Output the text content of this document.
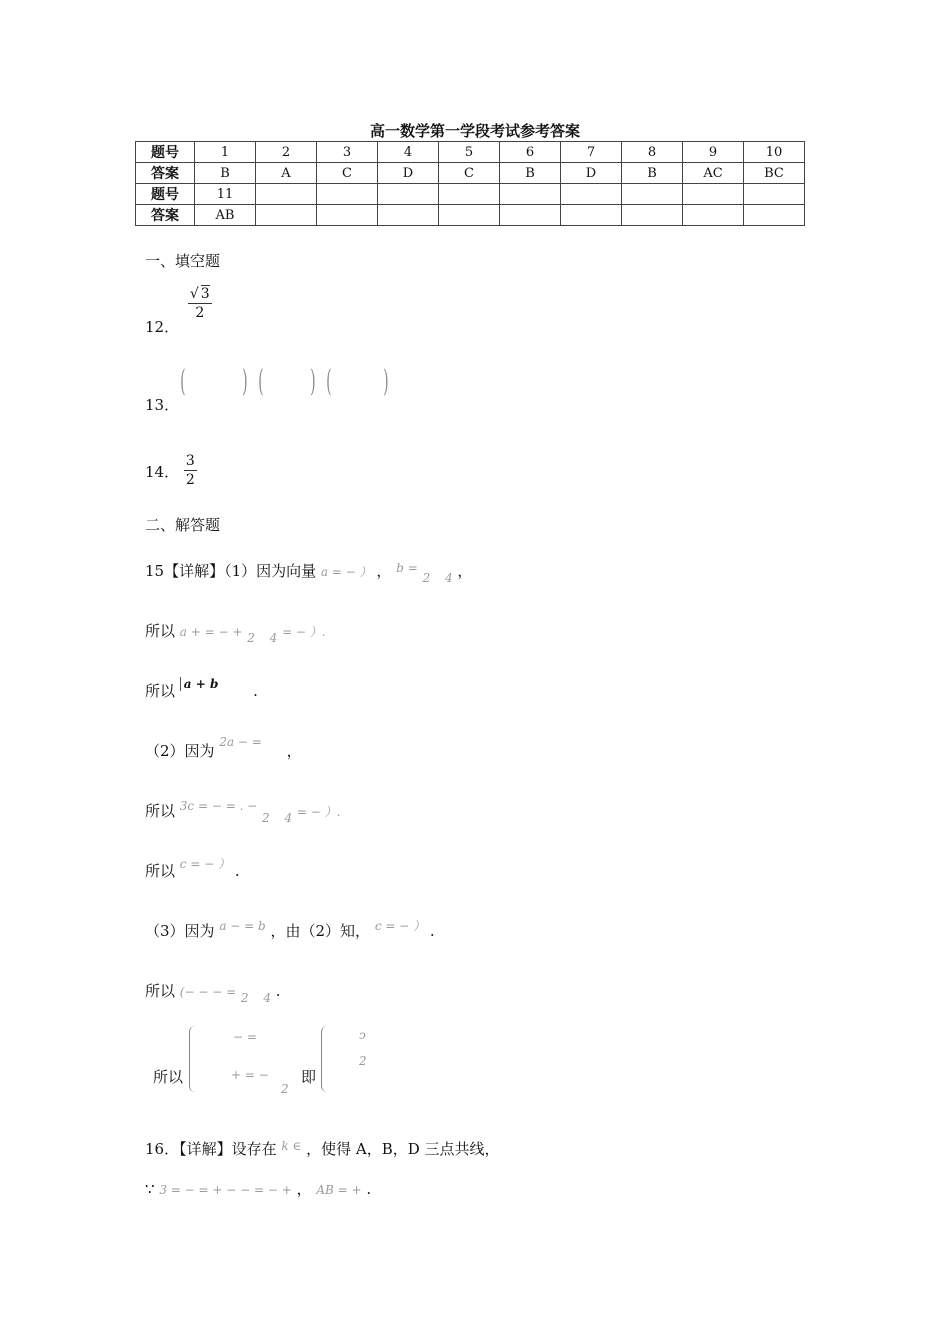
高一数学第一学段考试参考答案
题号	1	2	3	4	5	6	7	8	9	10
答案	B	A	C	D	C	B	D	B	AC	BC
题号	11									
答案	AB									
一、填空题
12．
$\frac{√ 3}{2}$
13．
( ) ( ) ( )
14． $\frac{3}{2}$
二、解答题
15【详解】（1）因为向量 a = − ） ， $^{b =}$ $_2$ $_4$ ，
所以 a + = − + $_2$ $_4$ = − ）.
所以 $^{a + b}$ .
（2）因为 $^{2a - =}$ ，
所以 $^{3c = - = . -}$ $_2$ $_4$ = − ）.
所以 $^{c = - )}$ .
（3）因为 $^{a - = b}$ ，由（2）知， $^{c = - )}$ .
所以 (− − − = $_2$ $_4$ .
所以
− =
+ = −
2
即
ↄ
2
16．【详解】设存在 $^{k \in}$ ，使得 A，B，D 三点共线，
∵ 3 = − = + − − = − + ， AB = + .
